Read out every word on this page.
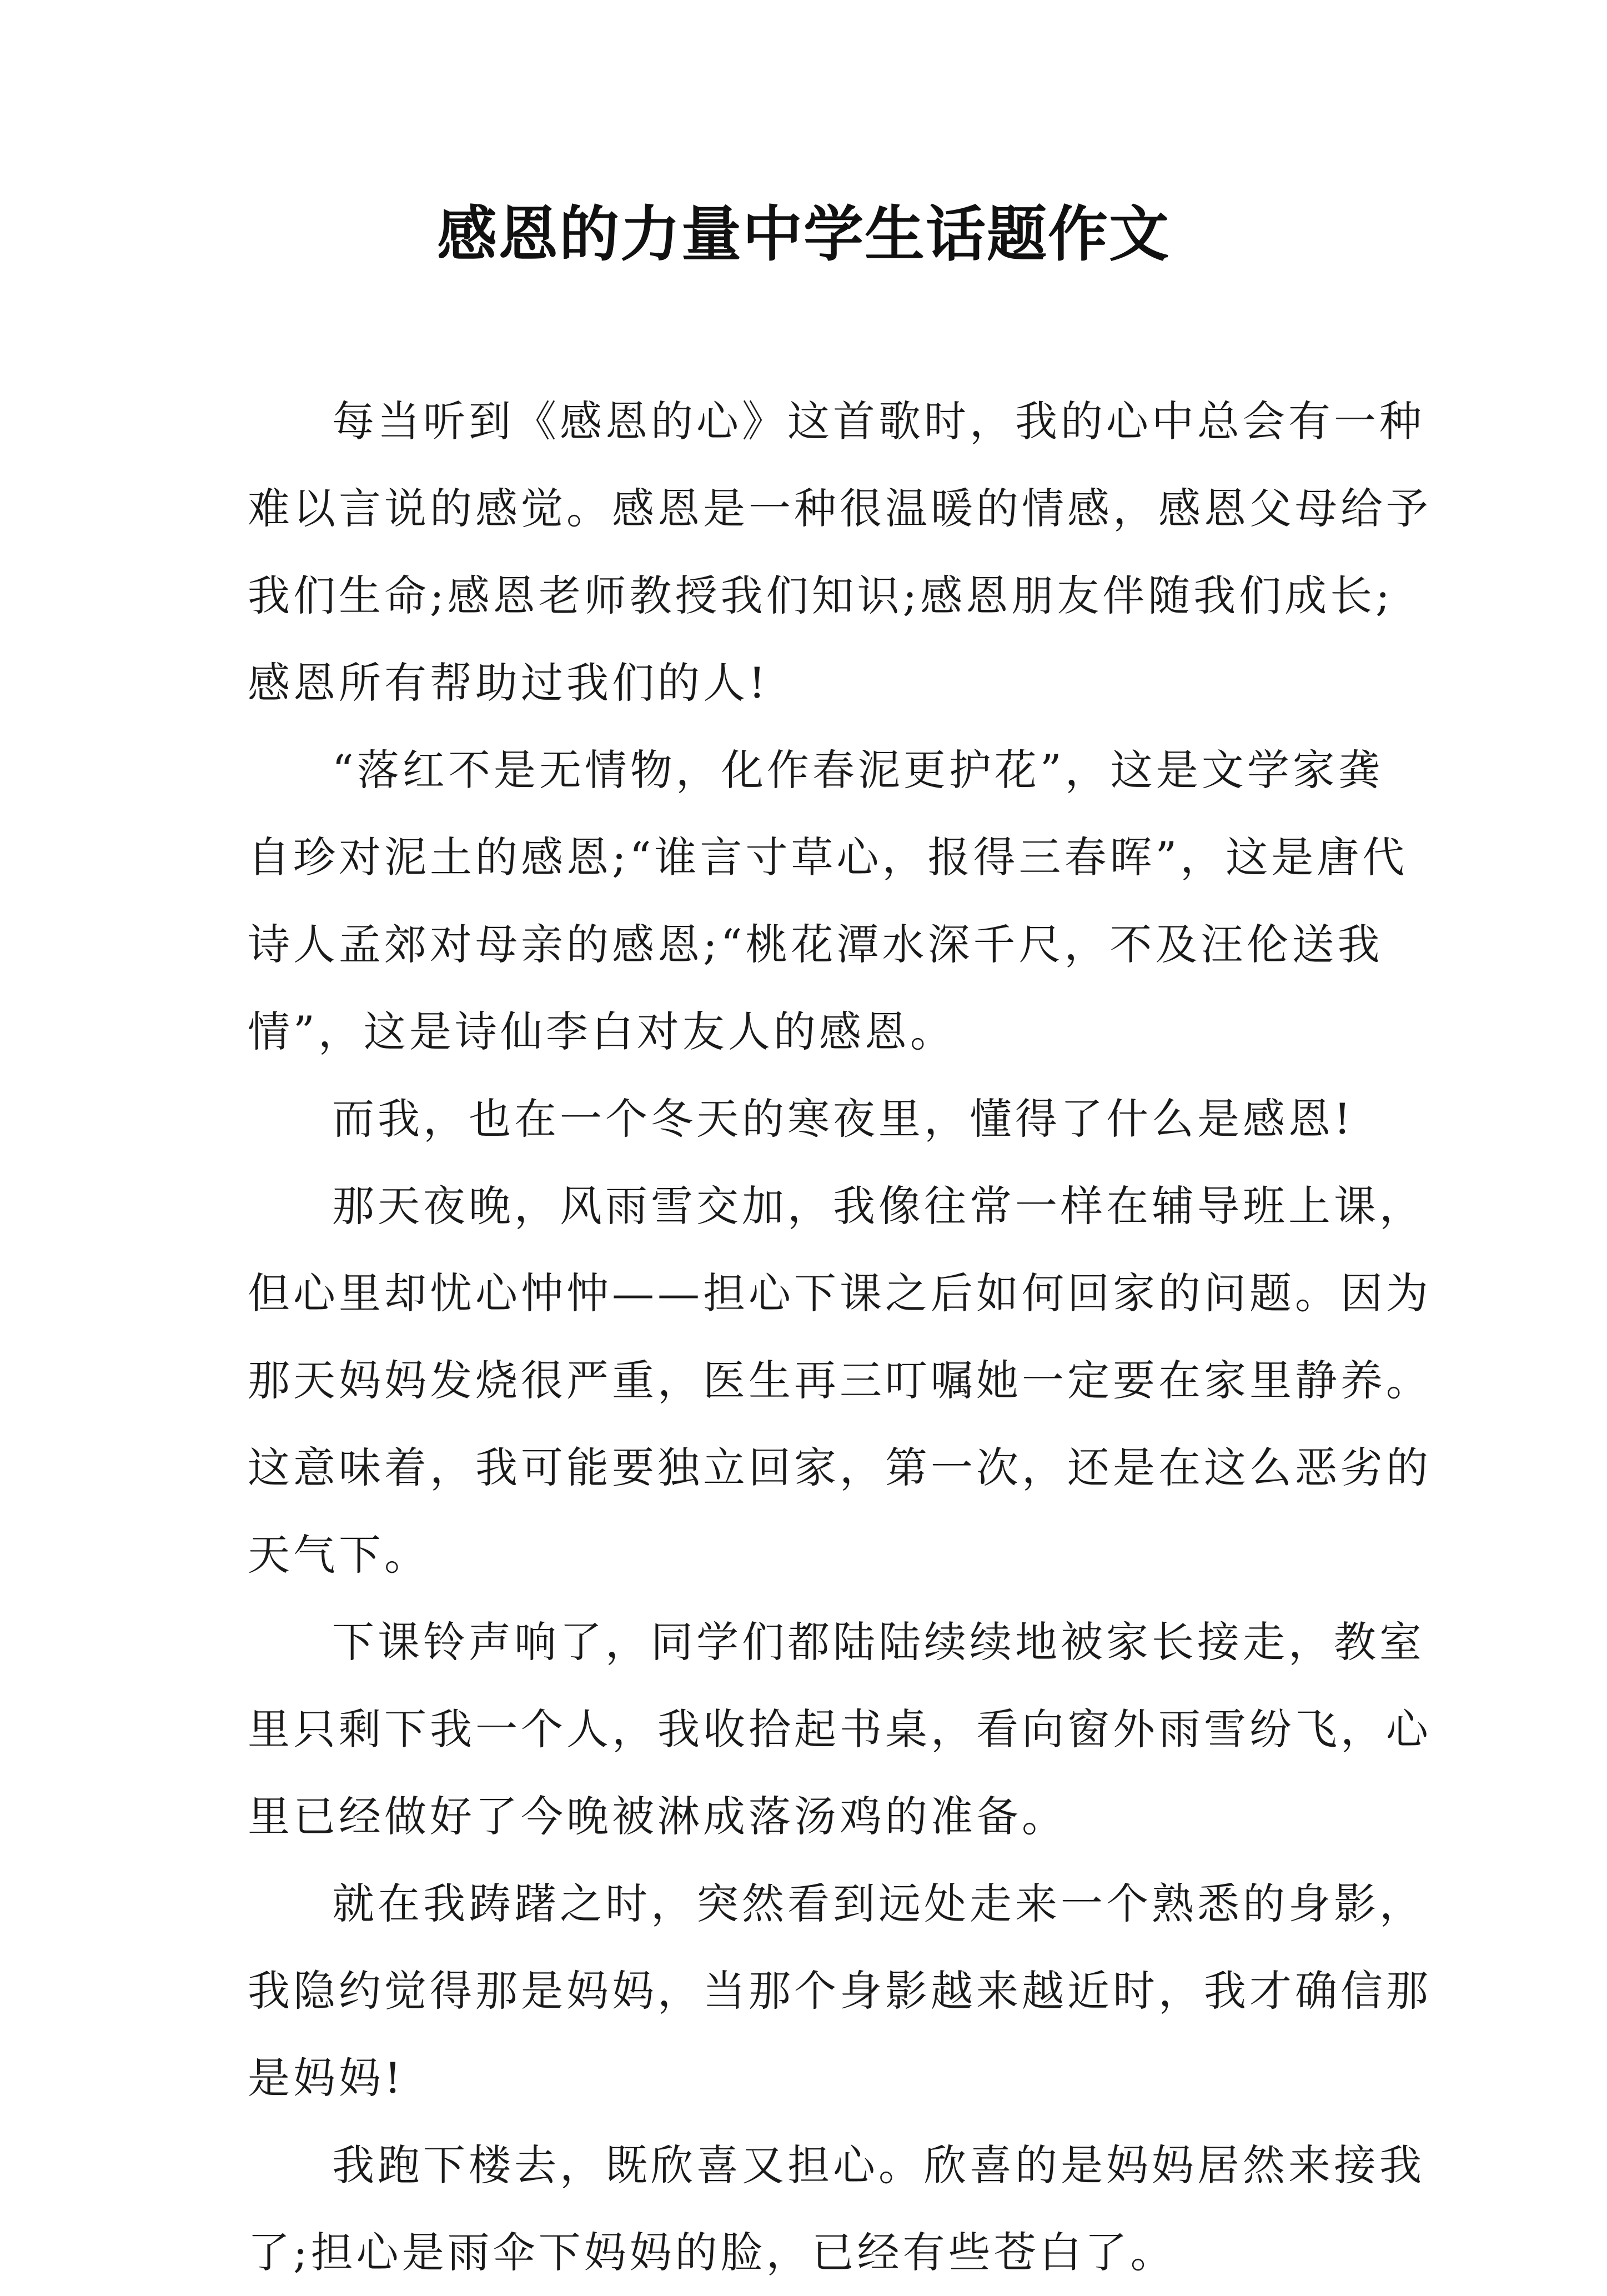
感恩的力量中学生话题作文

每当听到《感恩的心》这首歌时，我的心中总会有一种
难以言说的感觉。感恩是一种很温暖的情感，感恩父母给予
我们生命;感恩老师教授我们知识;感恩朋友伴随我们成长;
感恩所有帮助过我们的人!

“落红不是无情物，化作春泥更护花”，这是文学家龚
自珍对泥土的感恩;“谁言寸草心，报得三春晖”，这是唐代
诗人孟郊对母亲的感恩;“桃花潭水深千尺，不及汪伦送我
情”，这是诗仙李白对友人的感恩。

而我，也在一个冬天的寒夜里，懂得了什么是感恩!

那天夜晚，风雨雪交加，我像往常一样在辅导班上课，
但心里却忧心忡忡——担心下课之后如何回家的问题。因为
那天妈妈发烧很严重，医生再三叮嘱她一定要在家里静养。
这意味着，我可能要独立回家，第一次，还是在这么恶劣的
天气下。

下课铃声响了，同学们都陆陆续续地被家长接走，教室
里只剩下我一个人，我收拾起书桌，看向窗外雨雪纷飞，心
里已经做好了今晚被淋成落汤鸡的准备。

就在我踌躇之时，突然看到远处走来一个熟悉的身影，
我隐约觉得那是妈妈，当那个身影越来越近时，我才确信那
是妈妈!

我跑下楼去，既欣喜又担心。欣喜的是妈妈居然来接我
了;担心是雨伞下妈妈的脸，已经有些苍白了。
